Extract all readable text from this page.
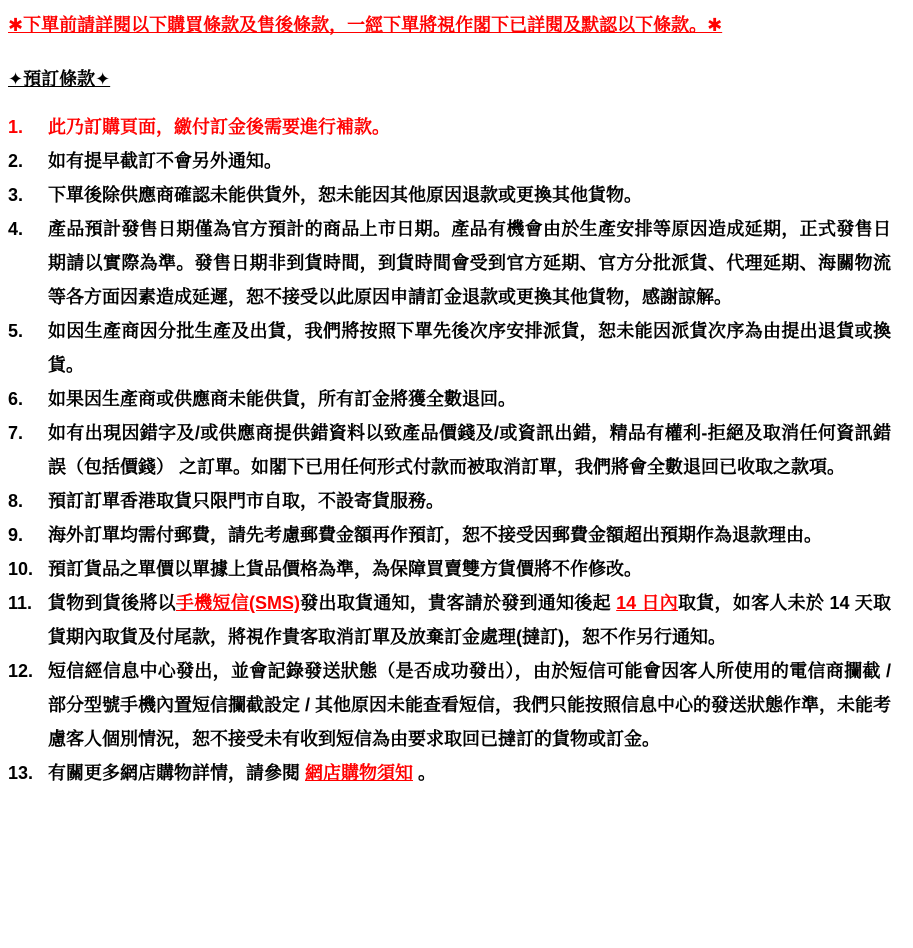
✱下單前請詳閱以下購買條款及售後條款，一經下單將視作閣下已詳閱及默認以下條款。✱
✦預訂條款✦
1.	此乃訂購頁面，繳付訂金後需要進行補款。
2.	如有提早截訂不會另外通知。
3.	下單後除供應商確認未能供貨外，恕未能因其他原因退款或更換其他貨物。
4.	產品預計發售日期僅為官方預計的商品上市日期。產品有機會由於生產安排等原因造成延期，正式發售日期請以實際為準。發售日期非到貨時間，到貨時間會受到官方延期、官方分批派貨、代理延期、海關物流等各方面因素造成延遲，恕不接受以此原因申請訂金退款或更換其他貨物，感謝諒解。
5.	如因生產商因分批生產及出貨，我們將按照下單先後次序安排派貨，恕未能因派貨次序為由提出退貨或換貨。
6.	如果因生產商或供應商未能供貨，所有訂金將獲全數退回。
7.	如有出現因錯字及/或供應商提供錯資料以致產品價錢及/或資訊出錯，精品有權利-拒絕及取消任何資訊錯誤（包括價錢） 之訂單。如閣下已用任何形式付款而被取消訂單，我們將會全數退回已收取之款項。
8.	預訂訂單香港取貨只限門市自取，不設寄貨服務。
9.	海外訂單均需付郵費，請先考慮郵費金額再作預訂，恕不接受因郵費金額超出預期作為退款理由。
10. 預訂貨品之單價以單據上貨品價格為準，為保障買賣雙方貨價將不作修改。
11. 貨物到貨後將以手機短信(SMS)發出取貨通知，貴客請於發到通知後起 14 日內取貨，如客人未於 14 天取貨期內取貨及付尾款，將視作貴客取消訂單及放棄訂金處理(撻訂)，恕不作另行通知。
12. 短信經信息中心發出，並會記錄發送狀態（是否成功發出），由於短信可能會因客人所使用的電信商攔截 / 部分型號手機內置短信攔截設定 / 其他原因未能查看短信，我們只能按照信息中心的發送狀態作準，未能考慮客人個別情況，恕不接受未有收到短信為由要求取回已撻訂的貨物或訂金。
13. 有關更多網店購物詳情，請參閱 網店購物須知 。
